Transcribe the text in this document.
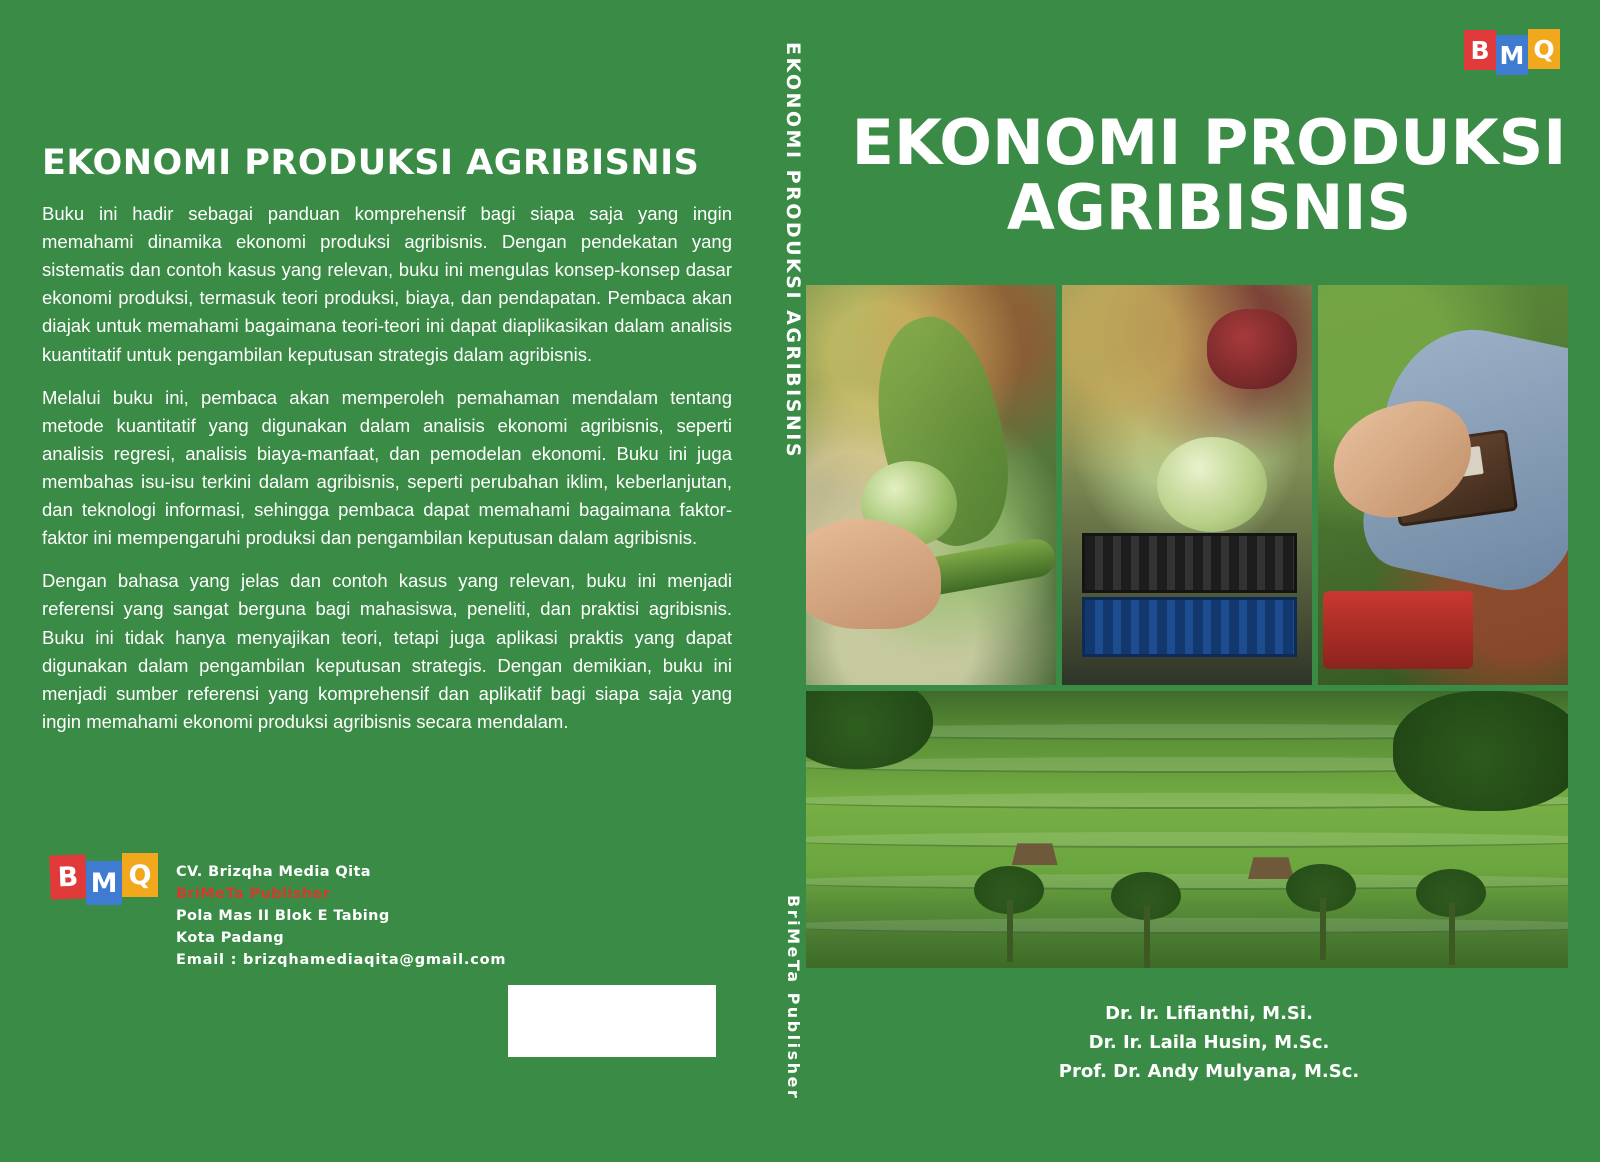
EKONOMI PRODUKSI AGRIBISNIS

Buku ini hadir sebagai panduan komprehensif bagi siapa saja yang ingin memahami dinamika ekonomi produksi agribisnis. Dengan pendekatan yang sistematis dan contoh kasus yang relevan, buku ini mengulas konsep-konsep dasar ekonomi produksi, termasuk teori produksi, biaya, dan pendapatan. Pembaca akan diajak untuk memahami bagaimana teori-teori ini dapat diaplikasikan dalam analisis kuantitatif untuk pengambilan keputusan strategis dalam agribisnis.

Melalui buku ini, pembaca akan memperoleh pemahaman mendalam tentang metode kuantitatif yang digunakan dalam analisis ekonomi agribisnis, seperti analisis regresi, analisis biaya-manfaat, dan pemodelan ekonomi. Buku ini juga membahas isu-isu terkini dalam agribisnis, seperti perubahan iklim, keberlanjutan, dan teknologi informasi, sehingga pembaca dapat memahami bagaimana faktor-faktor ini mempengaruhi produksi dan pengambilan keputusan dalam agribisnis.

Dengan bahasa yang jelas dan contoh kasus yang relevan, buku ini menjadi referensi yang sangat berguna bagi mahasiswa, peneliti, dan praktisi agribisnis. Buku ini tidak hanya menyajikan teori, tetapi juga aplikasi praktis yang dapat digunakan dalam pengambilan keputusan strategis. Dengan demikian, buku ini menjadi sumber referensi yang komprehensif dan aplikatif bagi siapa saja yang ingin memahami ekonomi produksi agribisnis secara mendalam.

B M Q	CV. Brizqha Media Qita
BriMeTa Publisher
Pola Mas II Blok E Tabing
Kota Padang
Email : brizqhamediaqita@gmail.com
EKONOMI PRODUKSI AGRIBISNIS
BriMeTa Publisher
B M Q
EKONOMI PRODUKSI AGRIBISNIS
Dr. Ir. Lifianthi, M.Si.
Dr. Ir. Laila Husin, M.Sc.
Prof. Dr. Andy Mulyana, M.Sc.
